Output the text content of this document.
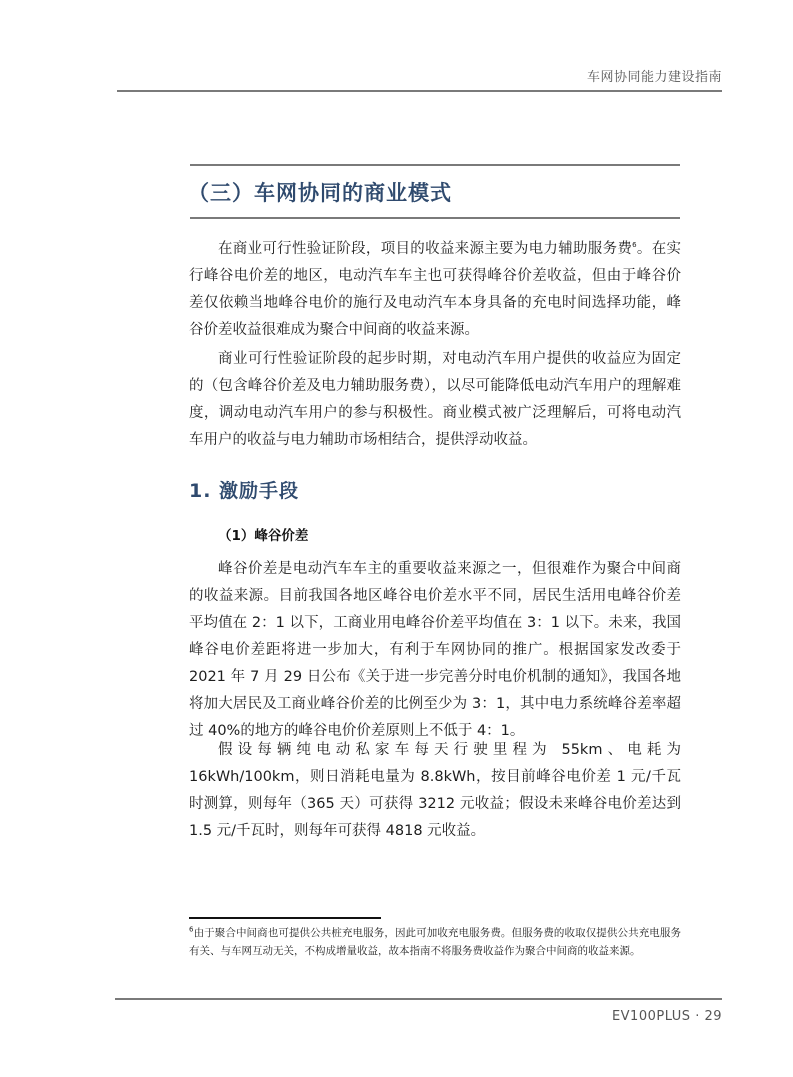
车网协同能力建设指南
（三）车网协同的商业模式

在商业可行性验证阶段，项目的收益来源主要为电力辅助服务费$^6$。在实行峰谷电价差的地区，电动汽车车主也可获得峰谷价差收益，但由于峰谷价差仅依赖当地峰谷电价的施行及电动汽车本身具备的充电时间选择功能，峰谷价差收益很难成为聚合中间商的收益来源。

商业可行性验证阶段的起步时期，对电动汽车用户提供的收益应为固定的（包含峰谷价差及电力辅助服务费），以尽可能降低电动汽车用户的理解难度，调动电动汽车用户的参与积极性。商业模式被广泛理解后，可将电动汽车用户的收益与电力辅助市场相结合，提供浮动收益。

1. 激励手段
（1）峰谷价差

峰谷价差是电动汽车车主的重要收益来源之一，但很难作为聚合中间商的收益来源。目前我国各地区峰谷电价差水平不同，居民生活用电峰谷价差平均值在 2：1 以下，工商业用电峰谷价差平均值在 3：1 以下。未来，我国峰谷电价差距将进一步加大，有利于车网协同的推广。根据国家发改委于 2021 年 7 月 29 日公布《关于进一步完善分时电价机制的通知》，我国各地将加大居民及工商业峰谷价差的比例至少为 3：1，其中电力系统峰谷差率超过 40%的地方的峰谷电价价差原则上不低于 4：1。

假设每辆纯电动私家车每天行驶里程为 55km、电耗为 16kWh/100km，则日消耗电量为 8.8kWh，按目前峰谷电价差 1 元/千瓦时测算，则每年（365 天）可获得 3212 元收益；假设未来峰谷电价差达到 1.5 元/千瓦时，则每年可获得 4818 元收益。

$^6$由于聚合中间商也可提供公共桩充电服务，因此可加收充电服务费。但服务费的收取仅提供公共充电服务有关、与车网互动无关，不构成增量收益，故本指南不将服务费收益作为聚合中间商的收益来源。

EV100PLUS · 29
